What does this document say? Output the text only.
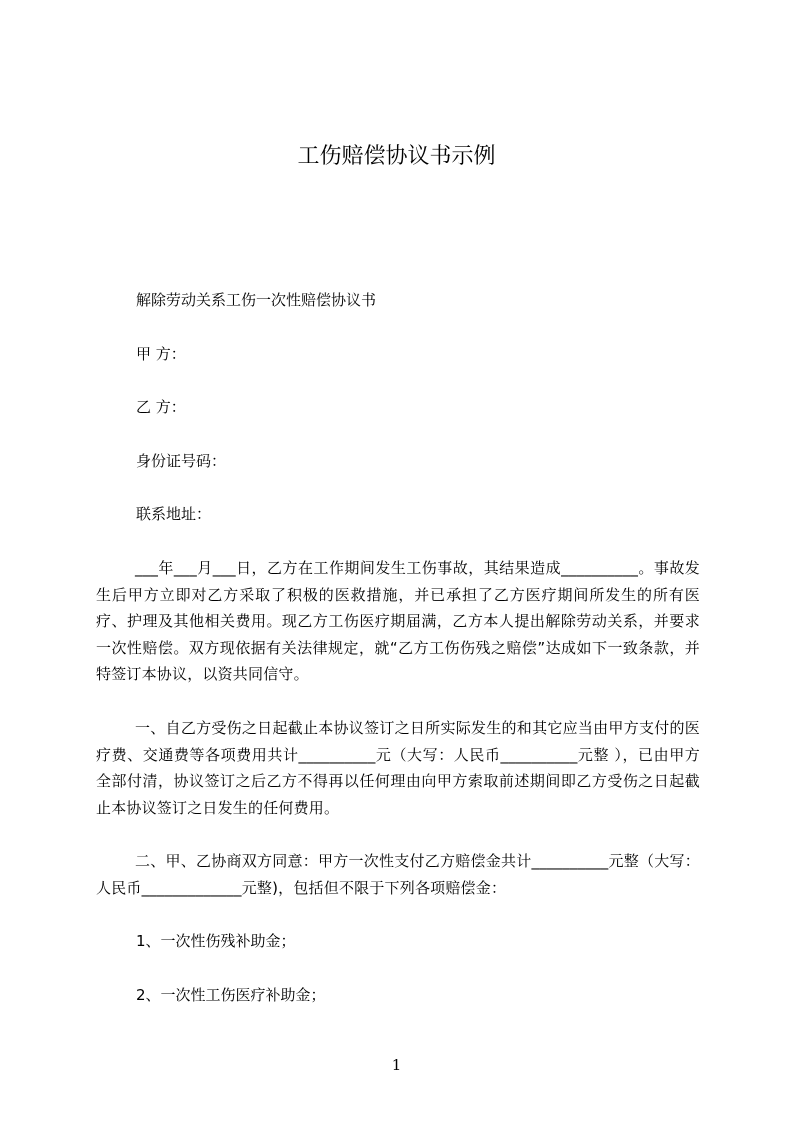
工伤赔偿协议书示例

解除劳动关系工伤一次性赔偿协议书

甲 方：

乙 方：

身份证号码：

联系地址：

___年___月___日，乙方在工作期间发生工伤事故，其结果造成__________。事故发生后甲方立即对乙方采取了积极的医救措施，并已承担了乙方医疗期间所发生的所有医疗、护理及其他相关费用。现乙方工伤医疗期届满，乙方本人提出解除劳动关系，并要求一次性赔偿。双方现依据有关法律规定，就“乙方工伤伤残之赔偿”达成如下一致条款，并特签订本协议，以资共同信守。

一、自乙方受伤之日起截止本协议签订之日所实际发生的和其它应当由甲方支付的医疗费、交通费等各项费用共计__________元（大写：人民币__________元整 ），已由甲方全部付清，协议签订之后乙方不得再以任何理由向甲方索取前述期间即乙方受伤之日起截止本协议签订之日发生的任何费用。

二、甲、乙协商双方同意：甲方一次性支付乙方赔偿金共计__________元整（大写： 人民币_____________元整)，包括但不限于下列各项赔偿金：

1、一次性伤残补助金；

2、一次性工伤医疗补助金；

1
